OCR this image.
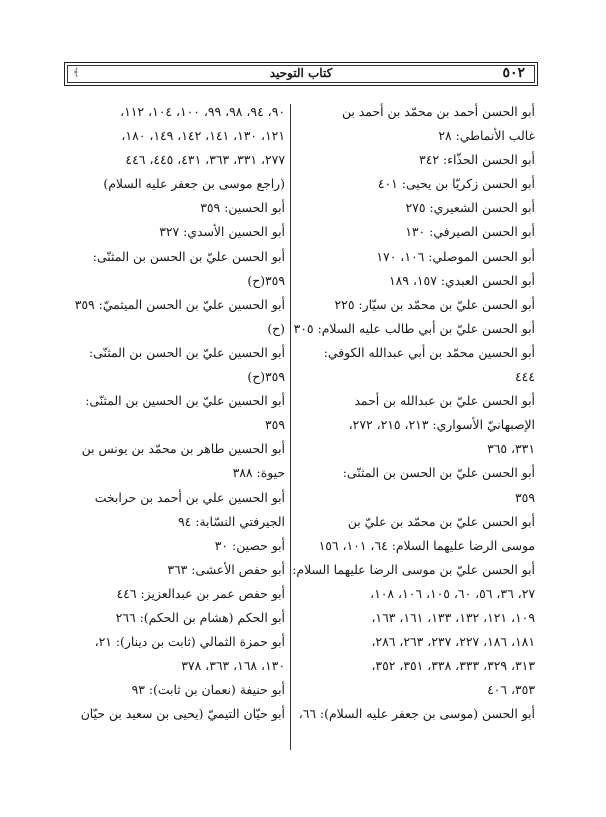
٥٠٢
كتاب التوحيد
﴾
أبو الحسن أحمد بن محمّد بن أحمد بن
غالب الأنماطي: ٢٨
أبو الحسن الحذّاء: ٣٤٢
أبو الحسن زكريّا بن يحيى: ٤٠١
أبو الحسن الشعيري: ٢٧٥
أبو الحسن الصيرفي: ١٣٠
أبو الحسن الموصلي: ١٠٦، ١٧٠
أبو الحسن العبدي: ١٥٧، ١٨٩
أبو الحسن عليّ بن محمّد بن سيّار: ٢٢٥
أبو الحسن عليّ بن أبي طالب عليه السلام: ٣٠٥
أبو الحسين محمّد بن أبي عبدالله الكوفي:
٤٤٤
أبو الحسن عليّ بن عبدالله بن أحمد
الإصبهانيّ الأسواري: ٢١٣، ٢١٥، ٢٧٢،
٣٣١، ٣٦٥
أبو الحسن عليّ بن الحسن بن المثنّى:
٣٥٩
أبو الحسن عليّ بن محمّد بن عليّ بن
موسى الرضا عليهما السلام: ٦٤، ١٠١، ١٥٦
أبو الحسن عليّ بن موسى الرضا عليهما السلام:
٢٧، ٣٦، ٥٦، ٦٠، ١٠٥، ١٠٦، ١٠٨،
١٠٩، ١٢١، ١٣٢، ١٣٣، ١٦١، ١٦٣،
١٨١، ١٨٦، ٢٢٧، ٢٣٧، ٢٦٣، ٢٨٦،
٣١٣، ٣٢٩، ٣٣٣، ٣٣٨، ٣٥١، ٣٥٢،
٣٥٣، ٤٠٦
أبو الحسن (موسى بن جعفر عليه السلام): ٦٦،
٩٠، ٩٤، ٩٨، ٩٩، ١٠٠، ١٠٤، ١١٢،
١٢١، ١٣٠، ١٤١، ١٤٢، ١٤٩، ١٨٠،
٢٧٧، ٣٣١، ٣٦٣، ٤٣١، ٤٤٥، ٤٤٦
(راجع موسى بن جعفر عليه السلام)
أبو الحسين: ٣٥٩
أبو الحسين الأسدي: ٣٢٧
أبو الحسن عليّ بن الحسن بن المثنّى:
٣٥٩(ح)
أبو الحسين عليّ بن الحسن الميثميّ: ٣٥٩
(ح)
أبو الحسين عليّ بن الحسن بن المثنّى:
٣٥٩(ح)
أبو الحسين عليّ بن الحسين بن المثنّى:
٣٥٩
أبو الحسين طاهر بن محمّد بن يونس بن
حيوة: ٣٨٨
أبو الحسين علي بن أحمد بن حرابخت
الجيرفتي النسّابة: ٩٤
أبو حصين: ٣٠
أبو حفص الأعشى: ٣٦٣
أبو حفص عمر بن عبدالعزيز: ٤٤٦
أبو الحكم (هشام بن الحكم): ٢٦٦
أبو حمزة الثمالي (ثابت بن دينار): ٢١،
١٣٠، ١٦٨، ٣٦٣، ٣٧٨
أبو حنيفة (نعمان بن ثابت): ٩٣
أبو حيّان التيميّ (يحيى بن سعيد بن حيّان
